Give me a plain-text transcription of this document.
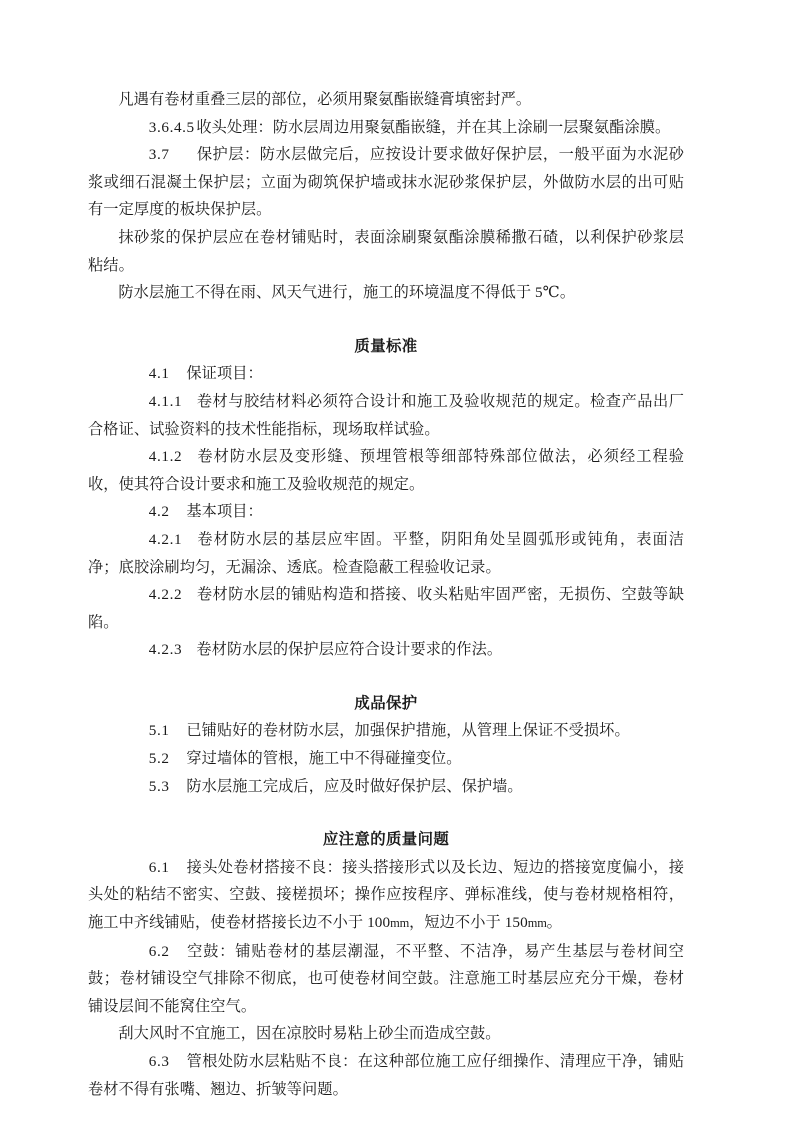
凡遇有卷材重叠三层的部位，必须用聚氨酯嵌缝膏填密封严。

3.6.4.5 收头处理：防水层周边用聚氨酯嵌缝，并在其上涂刷一层聚氨酯涂膜。

3.7 保护层：防水层做完后，应按设计要求做好保护层，一般平面为水泥砂浆或细石混凝土保护层；立面为砌筑保护墙或抹水泥砂浆保护层，外做防水层的出可贴有一定厚度的板块保护层。

抹砂浆的保护层应在卷材铺贴时，表面涂刷聚氨酯涂膜稀撒石碴，以利保护砂浆层粘结。

防水层施工不得在雨、风天气进行，施工的环境温度不得低于 5℃。

质量标准

4.1 保证项目：

4.1.1 卷材与胶结材料必须符合设计和施工及验收规范的规定。检查产品出厂合格证、试验资料的技术性能指标，现场取样试验。

4.1.2 卷材防水层及变形缝、预埋管根等细部特殊部位做法，必须经工程验收，使其符合设计要求和施工及验收规范的规定。

4.2 基本项目：

4.2.1 卷材防水层的基层应牢固。平整，阴阳角处呈圆弧形或钝角，表面洁净；底胶涂刷均匀，无漏涂、透底。检查隐蔽工程验收记录。

4.2.2 卷材防水层的铺贴构造和搭接、收头粘贴牢固严密，无损伤、空鼓等缺陷。

4.2.3 卷材防水层的保护层应符合设计要求的作法。

成品保护

5.1 已铺贴好的卷材防水层，加强保护措施，从管理上保证不受损坏。

5.2 穿过墙体的管根，施工中不得碰撞变位。

5.3 防水层施工完成后，应及时做好保护层、保护墙。

应注意的质量问题

6.1 接头处卷材搭接不良：接头搭接形式以及长边、短边的搭接宽度偏小，接头处的粘结不密实、空鼓、接槎损坏；操作应按程序、弹标准线，使与卷材规格相符，施工中齐线铺贴，使卷材搭接长边不小于 100mm，短边不小于 150mm。

6.2 空鼓：铺贴卷材的基层潮湿，不平整、不洁净，易产生基层与卷材间空鼓；卷材铺设空气排除不彻底，也可使卷材间空鼓。注意施工时基层应充分干燥，卷材铺设层间不能窝住空气。

刮大风时不宜施工，因在凉胶时易粘上砂尘而造成空鼓。

6.3 管根处防水层粘贴不良：在这种部位施工应仔细操作、清理应干净，铺贴卷材不得有张嘴、翘边、折皱等问题。
